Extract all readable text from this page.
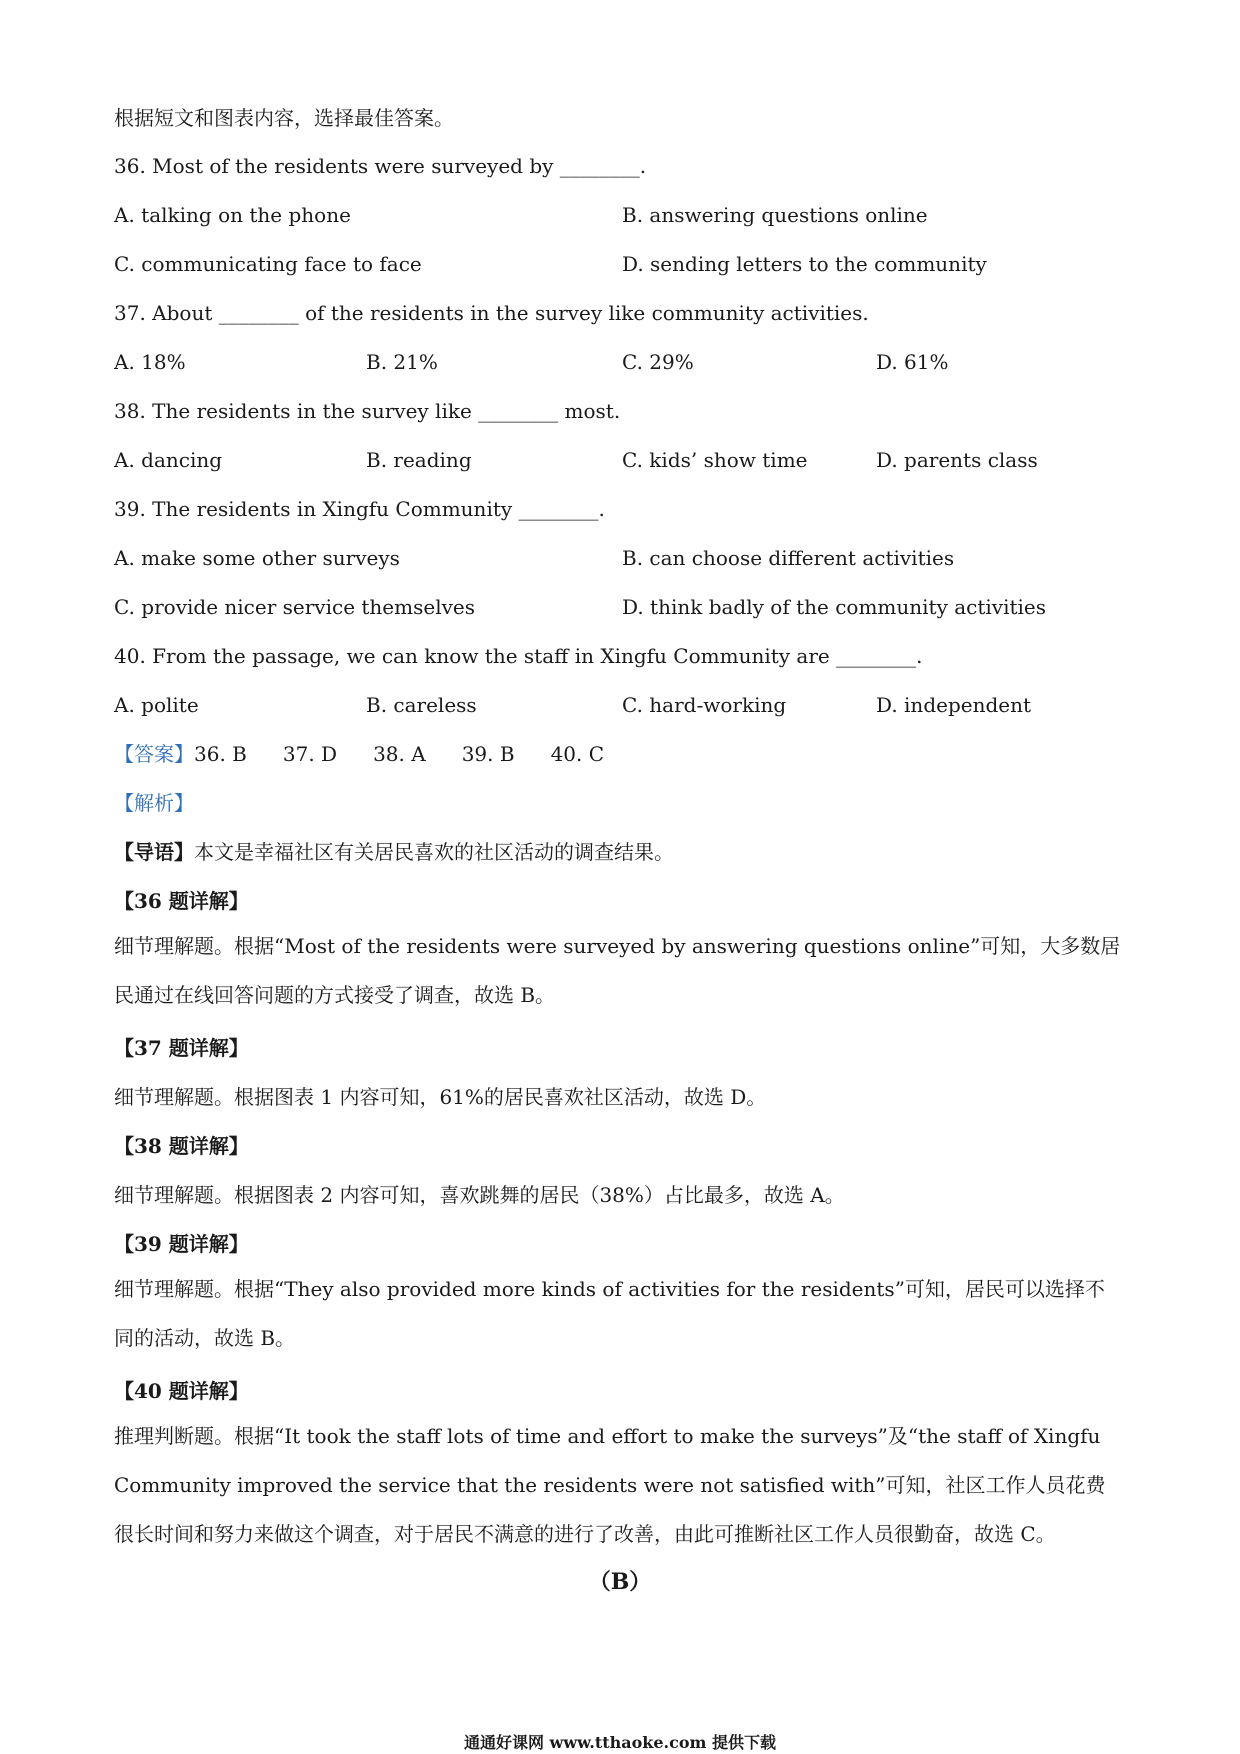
根据短文和图表内容，选择最佳答案。
36. Most of the residents were surveyed by ________.
A. talking on the phone	B. answering questions online
C. communicating face to face	D. sending letters to the community
37. About ________ of the residents in the survey like community activities.
A. 18%	B. 21%	C. 29%	D. 61%
38. The residents in the survey like ________ most.
A. dancing	B. reading	C. kids’ show time	D. parents class
39. The residents in Xingfu Community ________.
A. make some other surveys	B. can choose different activities
C. provide nicer service themselves	D. think badly of the community activities
40. From the passage, we can know the staff in Xingfu Community are ________.
A. polite	B. careless	C. hard-working	D. independent
【答案】36. B 37. D 38. A 39. B 40. C
【解析】
【导语】本文是幸福社区有关居民喜欢的社区活动的调查结果。
【36 题详解】
细节理解题。根据“Most of the residents were surveyed by answering questions online”可知，大多数居民通过在线回答问题的方式接受了调查，故选 B。
【37 题详解】
细节理解题。根据图表 1 内容可知，61%的居民喜欢社区活动，故选 D。
【38 题详解】
细节理解题。根据图表 2 内容可知，喜欢跳舞的居民（38%）占比最多，故选 A。
【39 题详解】
细节理解题。根据“They also provided more kinds of activities for the residents”可知，居民可以选择不同的活动，故选 B。
【40 题详解】
推理判断题。根据“It took the staff lots of time and effort to make the surveys”及“the staff of Xingfu Community improved the service that the residents were not satisfied with”可知，社区工作人员花费很长时间和努力来做这个调查，对于居民不满意的进行了改善，由此可推断社区工作人员很勤奋，故选 C。
（B）
通通好课网 www.tthaoke.com 提供下载
